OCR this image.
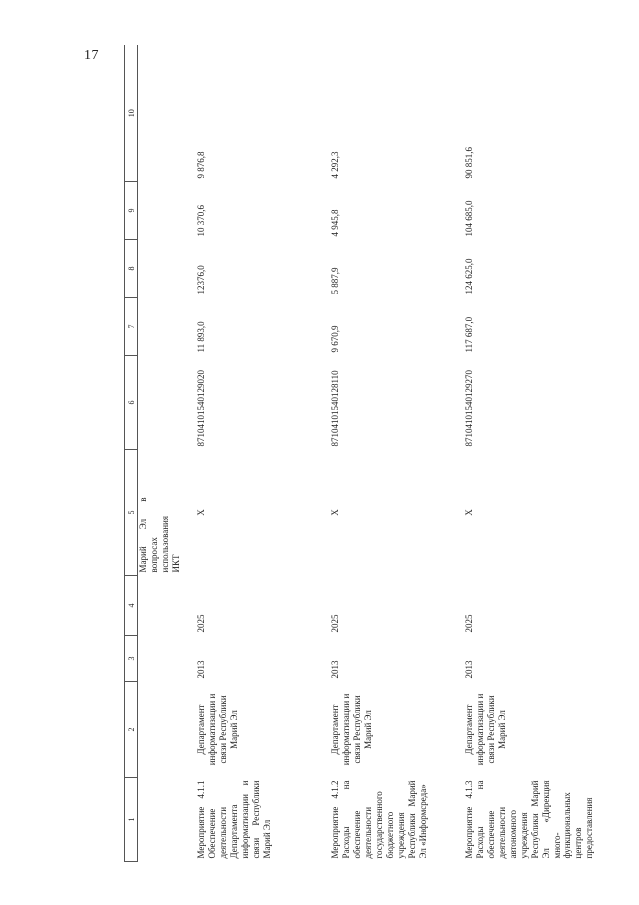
17
1	2	3	4	5	6	7	8	9	10

				Марий Эл в вопросах использования ИКТ					

Мероприятие 4.1.1 Обеспечение деятельности Департамента информатизации и связи Республики Марий Эл	Департамент информатизации и связи Республики Марий Эл	2013	2025	X	87104101540129020	11 893,0	12376,0	10 370,6	9 876,8
Мероприятие 4.1.2 Расходы на обеспечение деятельности государственного бюджетного учреждения Республики Марий Эл «Информсреда»	Департамент информатизации и связи Республики Марий Эл	2013	2025	X	87104101540128110	9 670,9	5 887,9	4 945,8	4 292,3
Мероприятие 4.1.3 Расходы на обеспечение деятельности автономного учреждения Республики Марий Эл «Дирекция много-функциональных центров предоставления	Департамент информатизации и связи Республики Марий Эл	2013	2025	X	87104101540129270	117 687,0	124 625,0	104 685,0	90 851,6
